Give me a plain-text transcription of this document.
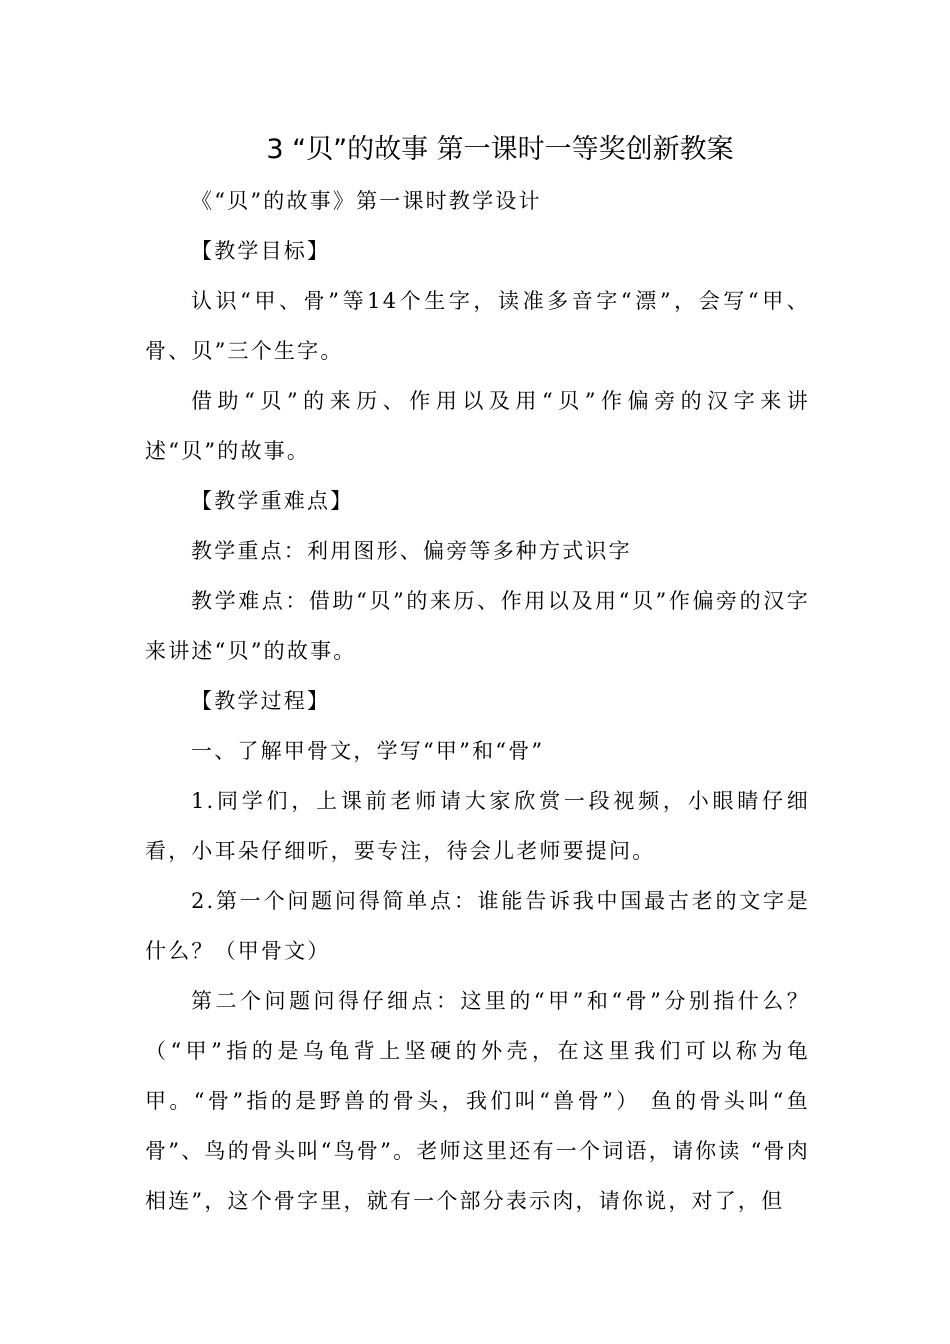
3 “贝”的故事 第一课时一等奖创新教案

《“贝”的故事》第一课时教学设计

【教学目标】

认识“甲、骨”等14个生字，读准多音字“漂”，会写“甲、骨、贝”三个生字。

借助“贝”的来历、作用以及用“贝”作偏旁的汉字来讲述“贝”的故事。

【教学重难点】

教学重点：利用图形、偏旁等多种方式识字

教学难点：借助“贝”的来历、作用以及用“贝”作偏旁的汉字来讲述“贝”的故事。

【教学过程】

一、了解甲骨文，学写“甲”和“骨”

1.同学们，上课前老师请大家欣赏一段视频，小眼睛仔细看，小耳朵仔细听，要专注，待会儿老师要提问。

2.第一个问题问得简单点：谁能告诉我中国最古老的文字是什么？（甲骨文）

第二个问题问得仔细点：这里的“甲”和“骨”分别指什么？（“甲”指的是乌龟背上坚硬的外壳，在这里我们可以称为龟甲。“骨”指的是野兽的骨头，我们叫“兽骨”） 鱼的骨头叫“鱼骨”、鸟的骨头叫“鸟骨”。老师这里还有一个词语，请你读 “骨肉相连”，这个骨字里，就有一个部分表示肉，请你说，对了，但
